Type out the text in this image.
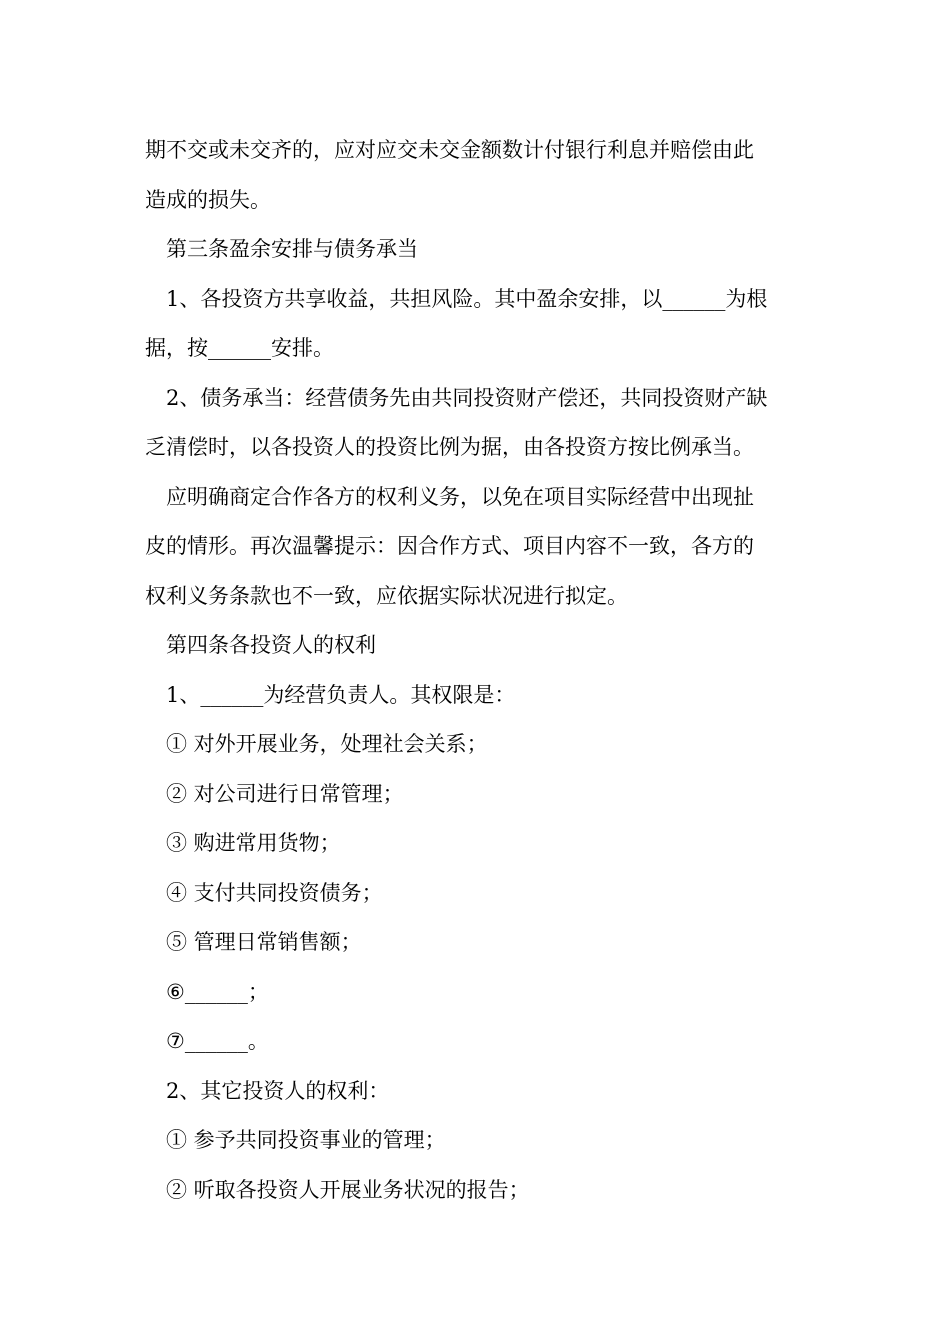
期不交或未交齐的，应对应交未交金额数计付银行利息并赔偿由此
造成的损失。
第三条盈余安排与债务承当
1、各投资方共享收益，共担风险。其中盈余安排，以______为根
据，按______安排。
2、债务承当：经营债务先由共同投资财产偿还，共同投资财产缺
乏清偿时，以各投资人的投资比例为据，由各投资方按比例承当。
应明确商定合作各方的权利义务，以免在项目实际经营中出现扯
皮的情形。再次温馨提示：因合作方式、项目内容不一致，各方的
权利义务条款也不一致，应依据实际状况进行拟定。
第四条各投资人的权利
1、______为经营负责人。其权限是：
① 对外开展业务，处理社会关系；
② 对公司进行日常管理；
③ 购进常用货物；
④ 支付共同投资债务；
⑤ 管理日常销售额；
⑥______；
⑦______。
2、其它投资人的权利：
① 参予共同投资事业的管理；
② 听取各投资人开展业务状况的报告；
